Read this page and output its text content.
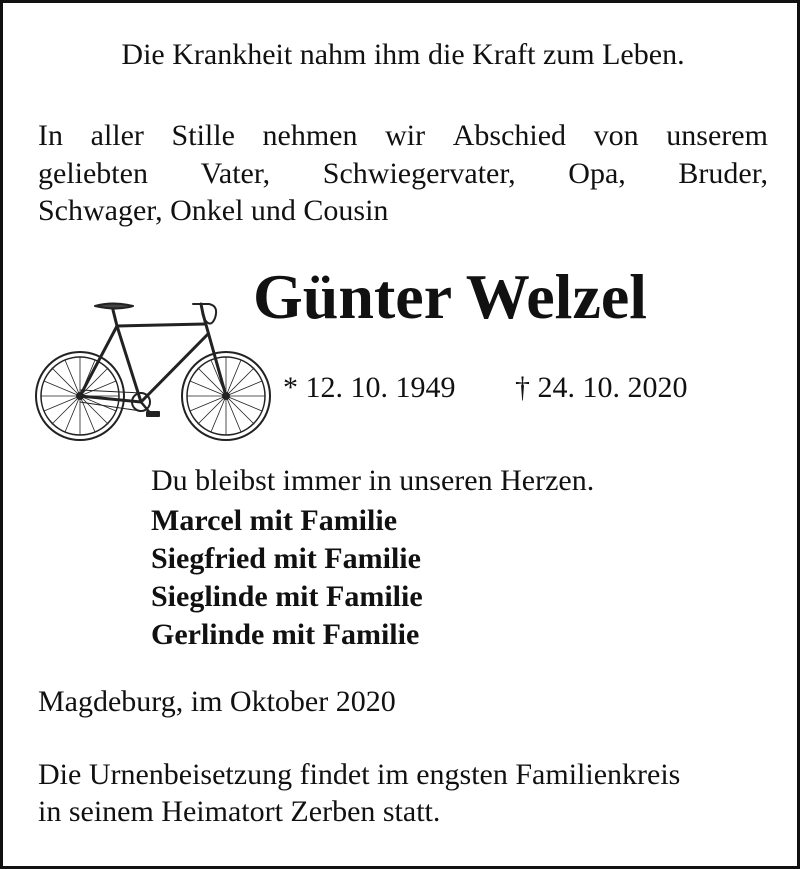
Die Krankheit nahm ihm die Kraft zum Leben.
In aller Stille nehmen wir Abschied von unserem
geliebten Vater, Schwiegervater, Opa, Bruder,
Schwager, Onkel und Cousin
Günter Welzel
* 12. 10. 1949 † 24. 10. 2020
Du bleibst immer in unseren Herzen.
Marcel mit Familie
Siegfried mit Familie
Sieglinde mit Familie
Gerlinde mit Familie
Magdeburg, im Oktober 2020
Die Urnenbeisetzung findet im engsten Familienkreis
in seinem Heimatort Zerben statt.
